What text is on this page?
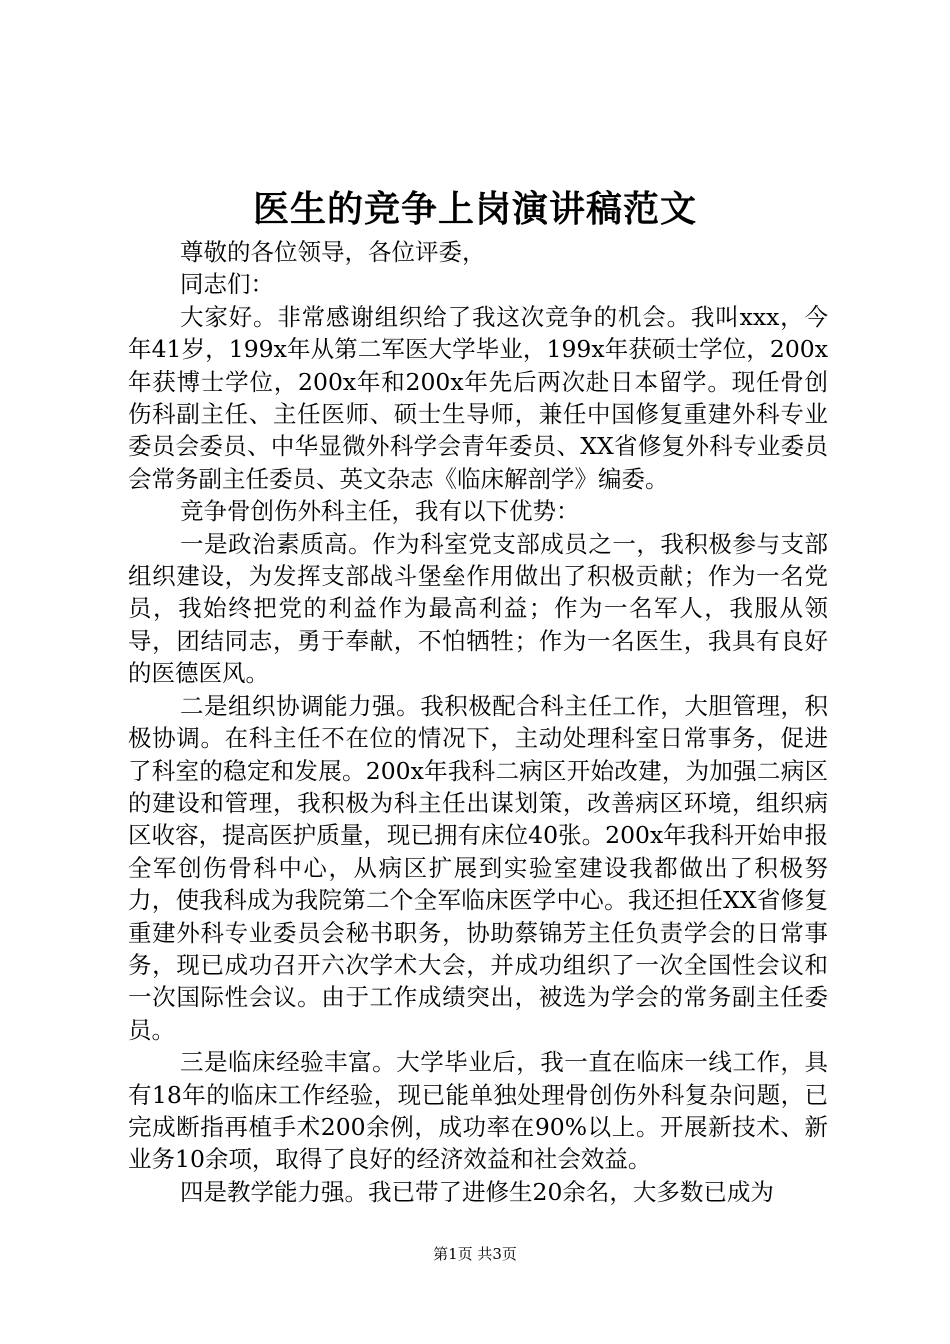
医生的竞争上岗演讲稿范文

尊敬的各位领导，各位评委，

同志们：

大家好。非常感谢组织给了我这次竞争的机会。我叫xxx，今年41岁，199x年从第二军医大学毕业，199x年获硕士学位，200x年获博士学位，200x年和200x年先后两次赴日本留学。现任骨创伤科副主任、主任医师、硕士生导师，兼任中国修复重建外科专业委员会委员、中华显微外科学会青年委员、XX省修复外科专业委员会常务副主任委员、英文杂志《临床解剖学》编委。

竞争骨创伤外科主任，我有以下优势：

一是政治素质高。作为科室党支部成员之一，我积极参与支部组织建设，为发挥支部战斗堡垒作用做出了积极贡献；作为一名党员，我始终把党的利益作为最高利益；作为一名军人，我服从领导，团结同志，勇于奉献，不怕牺牲；作为一名医生，我具有良好的医德医风。

二是组织协调能力强。我积极配合科主任工作，大胆管理，积极协调。在科主任不在位的情况下，主动处理科室日常事务，促进了科室的稳定和发展。200x年我科二病区开始改建，为加强二病区的建设和管理，我积极为科主任出谋划策，改善病区环境，组织病区收容，提高医护质量，现已拥有床位40张。200x年我科开始申报全军创伤骨科中心，从病区扩展到实验室建设我都做出了积极努力，使我科成为我院第二个全军临床医学中心。我还担任XX省修复重建外科专业委员会秘书职务，协助蔡锦芳主任负责学会的日常事务，现已成功召开六次学术大会，并成功组织了一次全国性会议和一次国际性会议。由于工作成绩突出，被选为学会的常务副主任委员。

三是临床经验丰富。大学毕业后，我一直在临床一线工作，具有18年的临床工作经验，现已能单独处理骨创伤外科复杂问题，已完成断指再植手术200余例，成功率在90%以上。开展新技术、新业务10余项，取得了良好的经济效益和社会效益。

四是教学能力强。我已带了进修生20余名，大多数已成为

第1页 共3页
